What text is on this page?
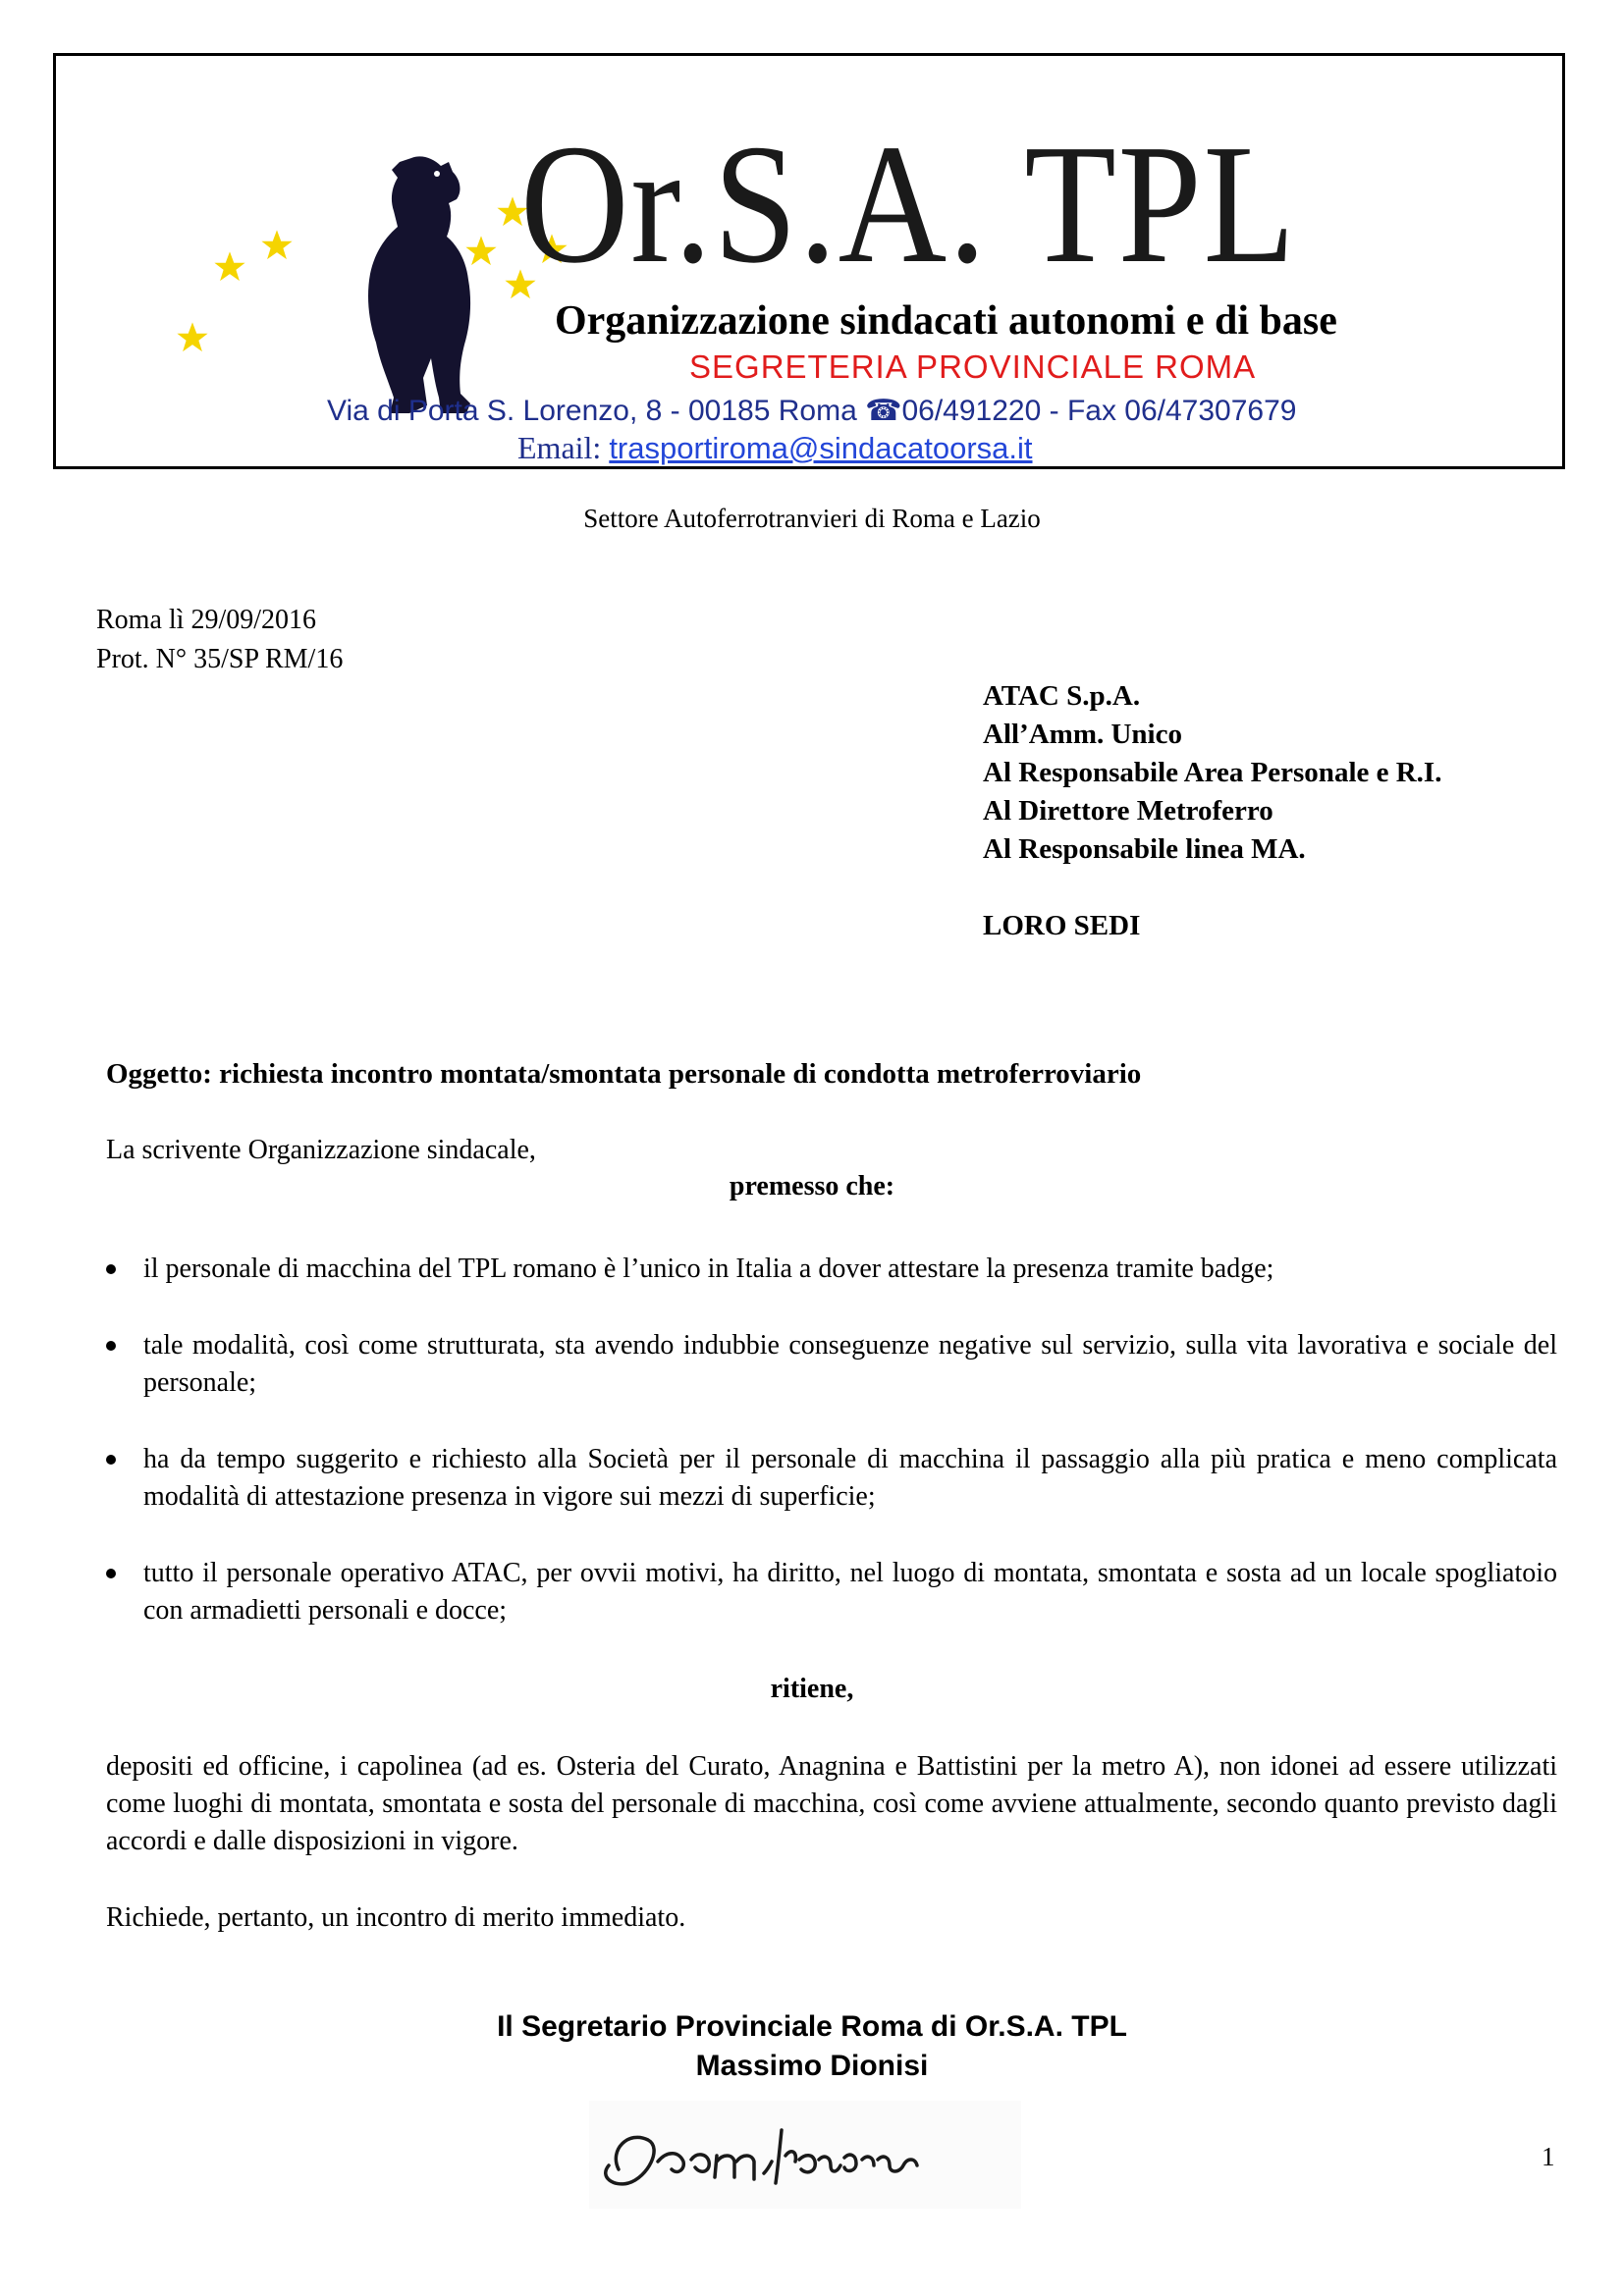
Or.S.A. TPL
Organizzazione sindacati autonomi e di base
SEGRETERIA PROVINCIALE ROMA
Via di Porta S. Lorenzo, 8 - 00185 Roma ☎06/491220 - Fax 06/47307679
Email: trasportiroma@sindacatoorsa.it
Settore Autoferrotranvieri di Roma e Lazio
Roma lì 29/09/2016
Prot. N° 35/SP RM/16
ATAC S.p.A.
All’Amm. Unico
Al Responsabile Area Personale e R.I.
Al Direttore Metroferro
Al Responsabile linea MA.
LORO SEDI
Oggetto: richiesta incontro montata/smontata personale di condotta metroferroviario
La scrivente Organizzazione sindacale,
premesso che:
il personale di macchina del TPL romano è l’unico in Italia a dover attestare la presenza tramite badge;
tale modalità, così come strutturata, sta avendo indubbie conseguenze negative sul servizio, sulla vita lavorativa e sociale del personale;
ha da tempo suggerito e richiesto alla Società per il personale di macchina il passaggio alla più pratica e meno complicata modalità di attestazione presenza in vigore sui mezzi di superficie;
tutto il personale operativo ATAC, per ovvii motivi, ha diritto, nel luogo di montata, smontata e sosta ad un locale spogliatoio con armadietti personali e docce;
ritiene,
depositi ed officine, i capolinea (ad es. Osteria del Curato, Anagnina e Battistini per la metro A), non idonei ad essere utilizzati come luoghi di montata, smontata e sosta del personale di macchina, così come avviene attualmente, secondo quanto previsto dagli accordi e dalle disposizioni in vigore.
Richiede, pertanto, un incontro di merito immediato.
Il Segretario Provinciale Roma di Or.S.A. TPL
Massimo Dionisi
1
